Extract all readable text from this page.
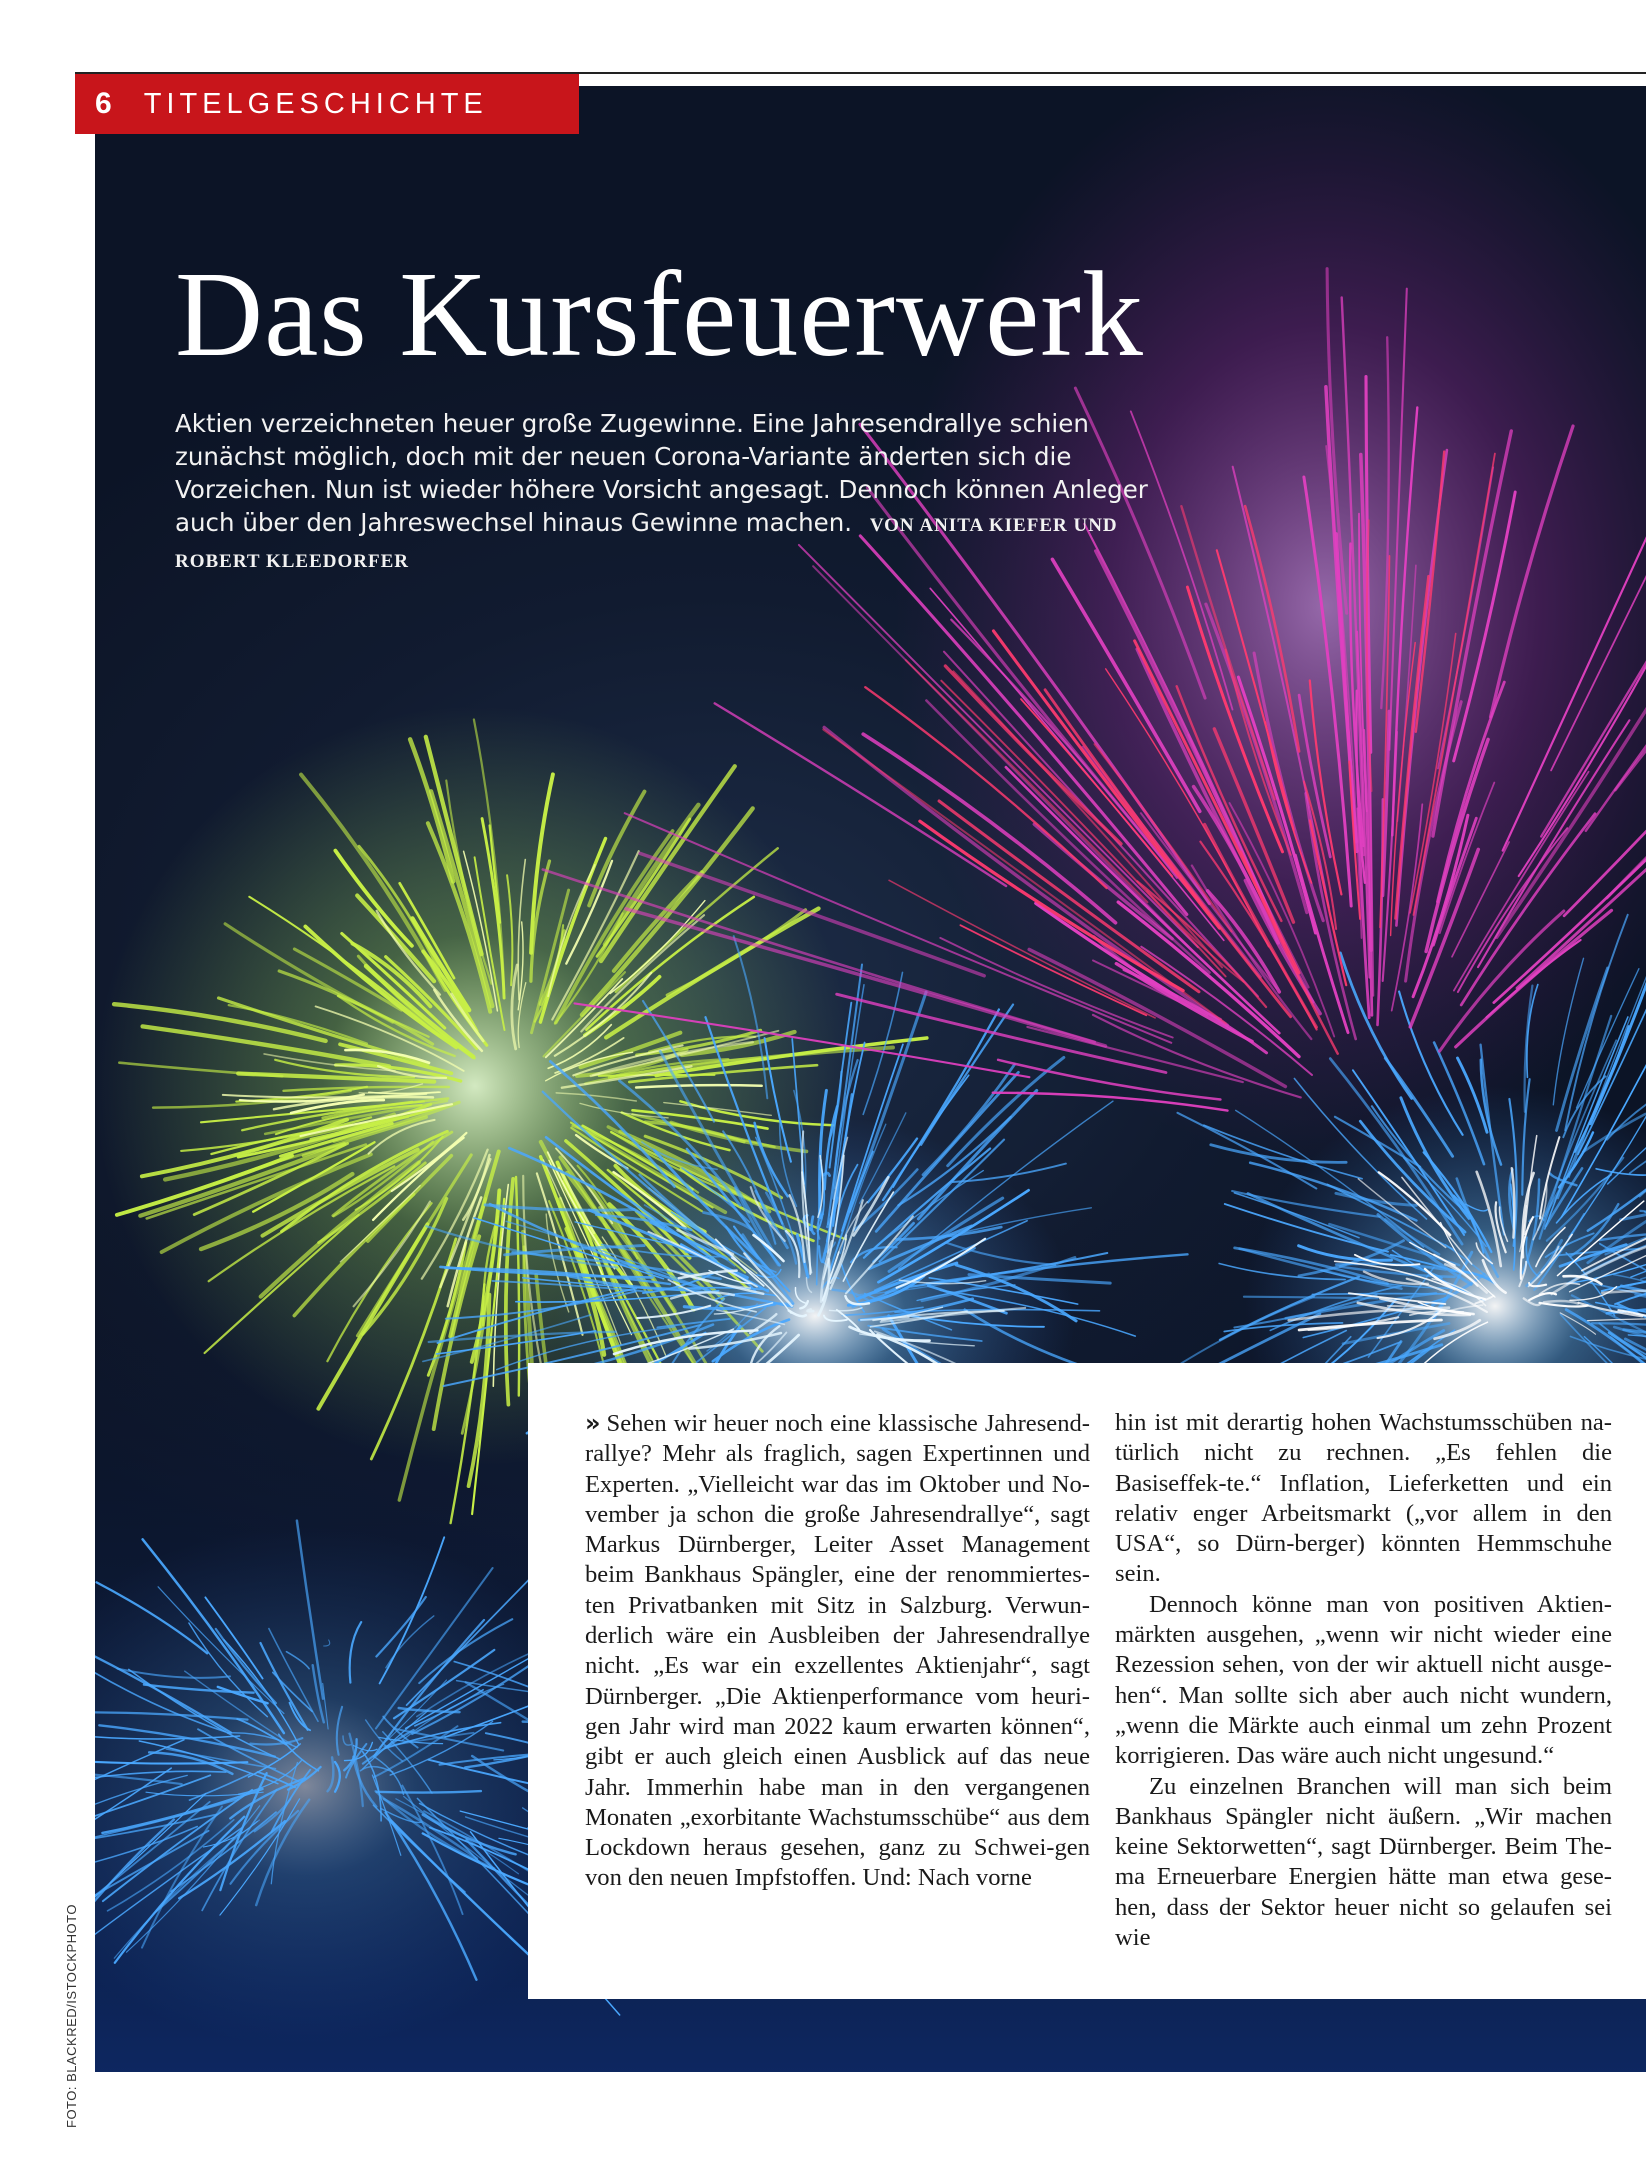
6 TITELGESCHICHTE
Das Kursfeuerwerk
Aktien verzeichneten heuer große Zugewinne. Eine Jahresendrallye schien zunächst möglich, doch mit der neuen Corona-Variante änderten sich die Vorzeichen. Nun ist wieder höhere Vorsicht angesagt. Dennoch können Anleger auch über den Jahreswechsel hinaus Gewinne machen. VON ANITA KIEFER UND ROBERT KLEEDORFER

» Sehen wir heuer noch eine klassische Jahresend-rallye? Mehr als fraglich, sagen Expertinnen und Experten. „Vielleicht war das im Oktober und No-vember ja schon die große Jahresendrallye“, sagt Markus Dürnberger, Leiter Asset Management beim Bankhaus Spängler, eine der renommiertes-ten Privatbanken mit Sitz in Salzburg. Verwun-derlich wäre ein Ausbleiben der Jahresendrallye nicht. „Es war ein exzellentes Aktienjahr“, sagt Dürnberger. „Die Aktienperformance vom heuri-gen Jahr wird man 2022 kaum erwarten können“, gibt er auch gleich einen Ausblick auf das neue Jahr. Immerhin habe man in den vergangenen Monaten „exorbitante Wachstumsschübe“ aus dem Lockdown heraus gesehen, ganz zu Schwei-gen von den neuen Impfstoffen. Und: Nach vorne

hin ist mit derartig hohen Wachstumsschüben na-türlich nicht zu rechnen. „Es fehlen die Basiseffek-te.“ Inflation, Lieferketten und ein relativ enger Arbeitsmarkt („vor allem in den USA“, so Dürn-berger) könnten Hemmschuhe sein.

Dennoch könne man von positiven Aktien-märkten ausgehen, „wenn wir nicht wieder eine Rezession sehen, von der wir aktuell nicht ausge-hen“. Man sollte sich aber auch nicht wundern, „wenn die Märkte auch einmal um zehn Prozent korrigieren. Das wäre auch nicht ungesund.“

Zu einzelnen Branchen will man sich beim Bankhaus Spängler nicht äußern. „Wir machen keine Sektorwetten“, sagt Dürnberger. Beim The-ma Erneuerbare Energien hätte man etwa gese-hen, dass der Sektor heuer nicht so gelaufen sei wie

FOTO: BLACKRED/ISTOCKPHOTO
